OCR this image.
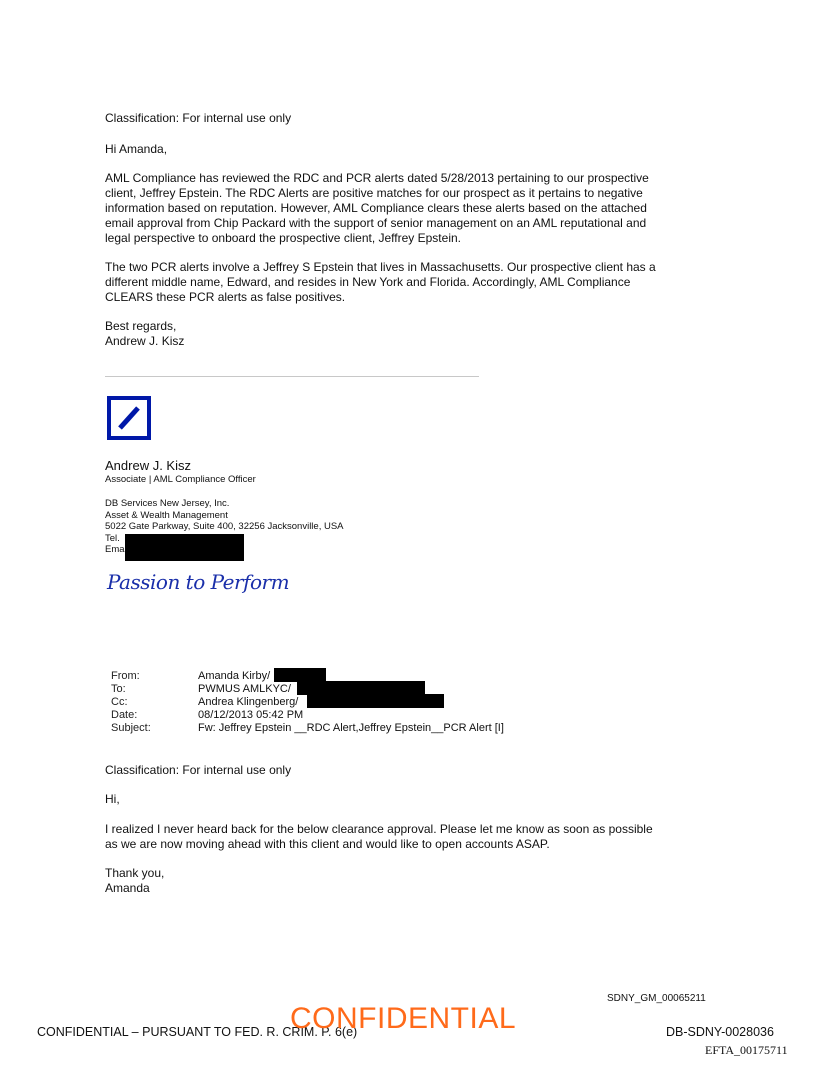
Classification: For internal use only

Hi Amanda,

AML Compliance has reviewed the RDC and PCR alerts dated 5/28/2013 pertaining to our prospective

client, Jeffrey Epstein. The RDC Alerts are positive matches for our prospect as it pertains to negative

information based on reputation. However, AML Compliance clears these alerts based on the attached

email approval from Chip Packard with the support of senior management on an AML reputational and

legal perspective to onboard the prospective client, Jeffrey Epstein.

The two PCR alerts involve a Jeffrey S Epstein that lives in Massachusetts. Our prospective client has a

different middle name, Edward, and resides in New York and Florida. Accordingly, AML Compliance

CLEARS these PCR alerts as false positives.

Best regards,

Andrew J. Kisz

Andrew J. Kisz

Associate | AML Compliance Officer

DB Services New Jersey, Inc.

Asset & Wealth Management

5022 Gate Parkway, Suite 400, 32256 Jacksonville, USA

Tel.

Ema

Passion to Perform
From:	Amanda Kirby/
To:	PWMUS AMLKYC/
Cc:	Andrea Klingenberg/
Date:	08/12/2013 05:42 PM
Subject:	Fw: Jeffrey Epstein __RDC Alert,Jeffrey Epstein__PCR Alert [I]

Classification: For internal use only

Hi,

I realized I never heard back for the below clearance approval. Please let me know as soon as possible

as we are now moving ahead with this client and would like to open accounts ASAP.

Thank you,

Amanda

SDNY_GM_00065211
CONFIDENTIAL – PURSUANT TO FED. R. CRIM. P. 6(e)
CONFIDENTIAL	DB-SDNY-0028036
EFTA_00175711
